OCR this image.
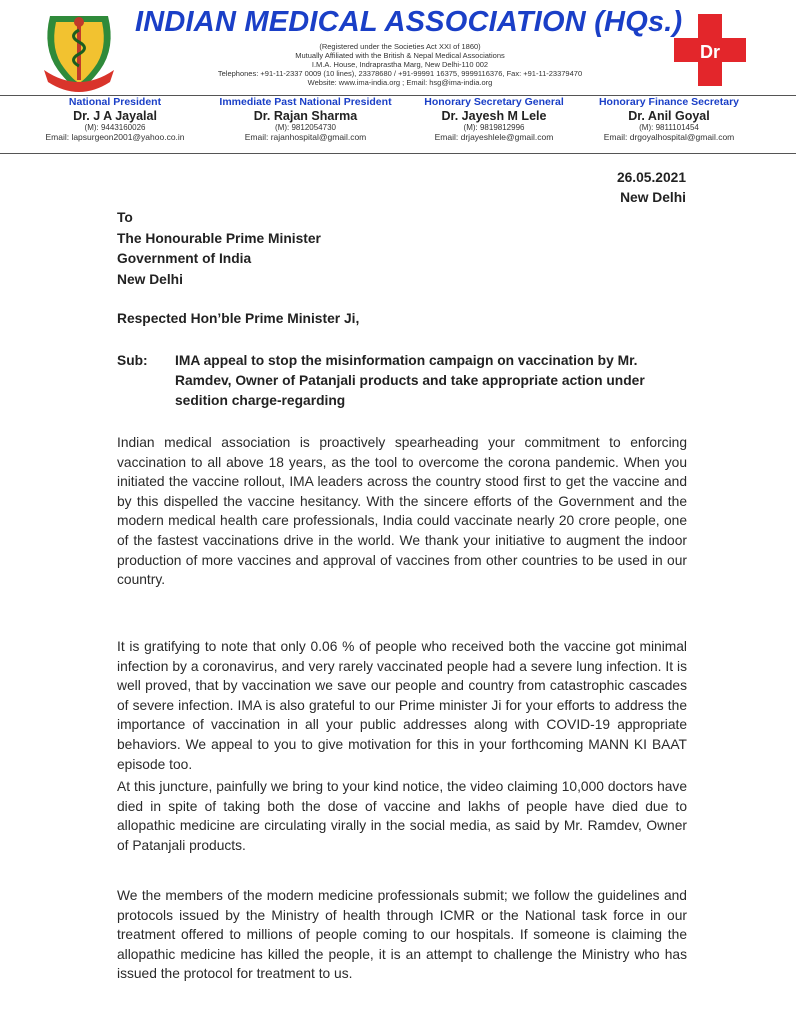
INDIAN MEDICAL ASSOCIATION (HQs.)
(Registered under the Societies Act XXI of 1860)
Mutually Affiliated with the British & Nepal Medical Associations
I.M.A. House, Indraprastha Marg, New Delhi-110 002
Telephones: +91-11-2337 0009 (10 lines), 23378680 / +91-99991 16375, 9999116376, Fax: +91-11-23379470
Website: www.ima-india.org ; Email: hsg@ima-india.org
Dr
National President
Dr. J A Jayalal
(M): 9443160026
Email: lapsurgeon2001@yahoo.co.in
Immediate Past National President
Dr. Rajan Sharma
(M): 9812054730
Email: rajanhospital@gmail.com
Honorary Secretary General
Dr. Jayesh M Lele
(M): 9819812996
Email: drjayeshlele@gmail.com
Honorary Finance Secretary
Dr. Anil Goyal
(M): 9811101454
Email: drgoyalhospital@gmail.com
26.05.2021
New Delhi
To
The Honourable Prime Minister
Government of India
New Delhi
Respected Hon’ble Prime Minister Ji,
Sub: IMA appeal to stop the misinformation campaign on vaccination by Mr. Ramdev, Owner of Patanjali products and take appropriate action under sedition charge-regarding
Indian medical association is proactively spearheading your commitment to enforcing vaccination to all above 18 years, as the tool to overcome the corona pandemic. When you initiated the vaccine rollout, IMA leaders across the country stood first to get the vaccine and by this dispelled the vaccine hesitancy. With the sincere efforts of the Government and the modern medical health care professionals, India could vaccinate nearly 20 crore people, one of the fastest vaccinations drive in the world. We thank your initiative to augment the indoor production of more vaccines and approval of vaccines from other countries to be used in our country.
It is gratifying to note that only 0.06 % of people who received both the vaccine got minimal infection by a coronavirus, and very rarely vaccinated people had a severe lung infection. It is well proved, that by vaccination we save our people and country from catastrophic cascades of severe infection. IMA is also grateful to our Prime minister Ji for your efforts to address the importance of vaccination in all your public addresses along with COVID-19 appropriate behaviors. We appeal to you to give motivation for this in your forthcoming MANN KI BAAT episode too.
At this juncture, painfully we bring to your kind notice, the video claiming 10,000 doctors have died in spite of taking both the dose of vaccine and lakhs of people have died due to allopathic medicine are circulating virally in the social media, as said by Mr. Ramdev, Owner of Patanjali products.
We the members of the modern medicine professionals submit; we follow the guidelines and protocols issued by the Ministry of health through ICMR or the National task force in our treatment offered to millions of people coming to our hospitals. If someone is claiming the allopathic medicine has killed the people, it is an attempt to challenge the Ministry who has issued the protocol for treatment to us.
